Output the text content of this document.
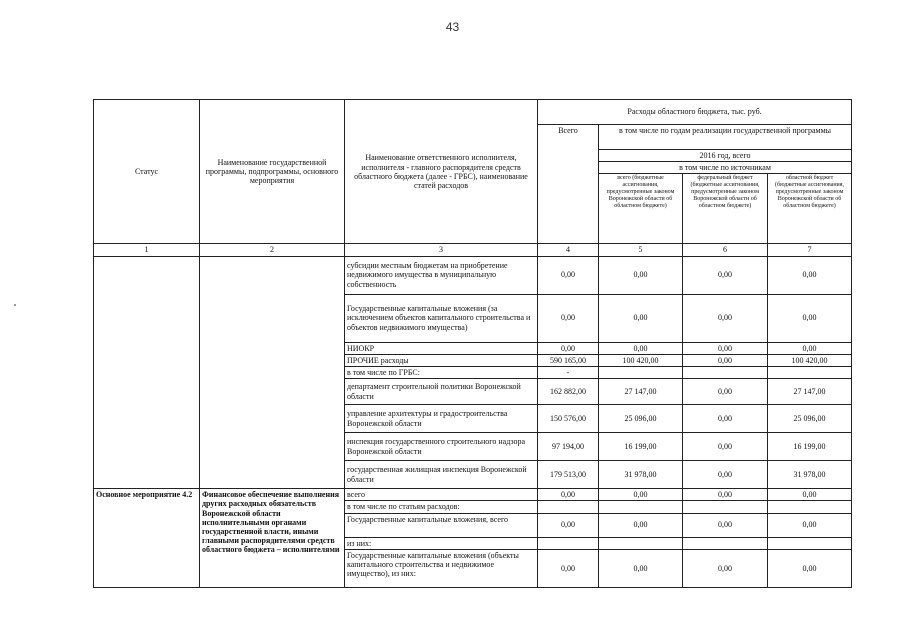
43
Статус	Наименование государственной программы, подпрограммы, основного мероприятия	Наименование ответственного исполнителя, исполнителя - главного распорядителя средств областного бюджета (далее - ГРБС), наименование статей расходов	Расходы областного бюджета, тыс. руб.			
			Всего	в том числе по годам реализации государственной программы		
				2016 год, всего		
				в том числе по источникам		
				всего (бюджетные ассигнования, предусмотренные законом Воронежской области об областном бюджете)	федеральный бюджет (бюджетные ассигнования, предусмотренные законом Воронежской области об областном бюджете)	областной бюджет (бюджетные ассигнования, предусмотренные законом Воронежской области об областном бюджете)
1	2	3	4	5	6	7
		субсидии местным бюджетам на приобретение недвижимого имущества в муниципальную собственность	0,00	0,00	0,00	0,00
		Государственные капитальные вложения (за исключением объектов капитального строительства и объектов недвижимого имущества)	0,00	0,00	0,00	0,00
		НИОКР	0,00	0,00	0,00	0,00
		ПРОЧИЕ расходы	590 165,00	100 420,00	0,00	100 420,00
		в том числе по ГРБС:	-			
		департамент строительной политики Воронежской области	162 882,00	27 147,00	0,00	27 147,00
		управление архитектуры и градостроительства Воронежской области	150 576,00	25 096,00	0,00	25 096,00
		инспекция государственного строительного надзора Воронежской области	97 194,00	16 199,00	0,00	16 199,00
		государственная жилищная инспекция Воронежской области	179 513,00	31 978,00	0,00	31 978,00
Основное мероприятие 4.2	Финансовое обеспечение выполнения других расходных обязательств Воронежской области исполнительными органами государственной власти, иными главными распорядителями средств областного бюджета – исполнителями	всего	0,00	0,00	0,00	0,00
		в том числе по статьям расходов:				
		Государственные капитальные вложения, всего	0,00	0,00	0,00	0,00
		из них:				
		Государственные капитальные вложения (объекты капитального строительства и недвижимое имущество), из них:	0,00	0,00	0,00	0,00
